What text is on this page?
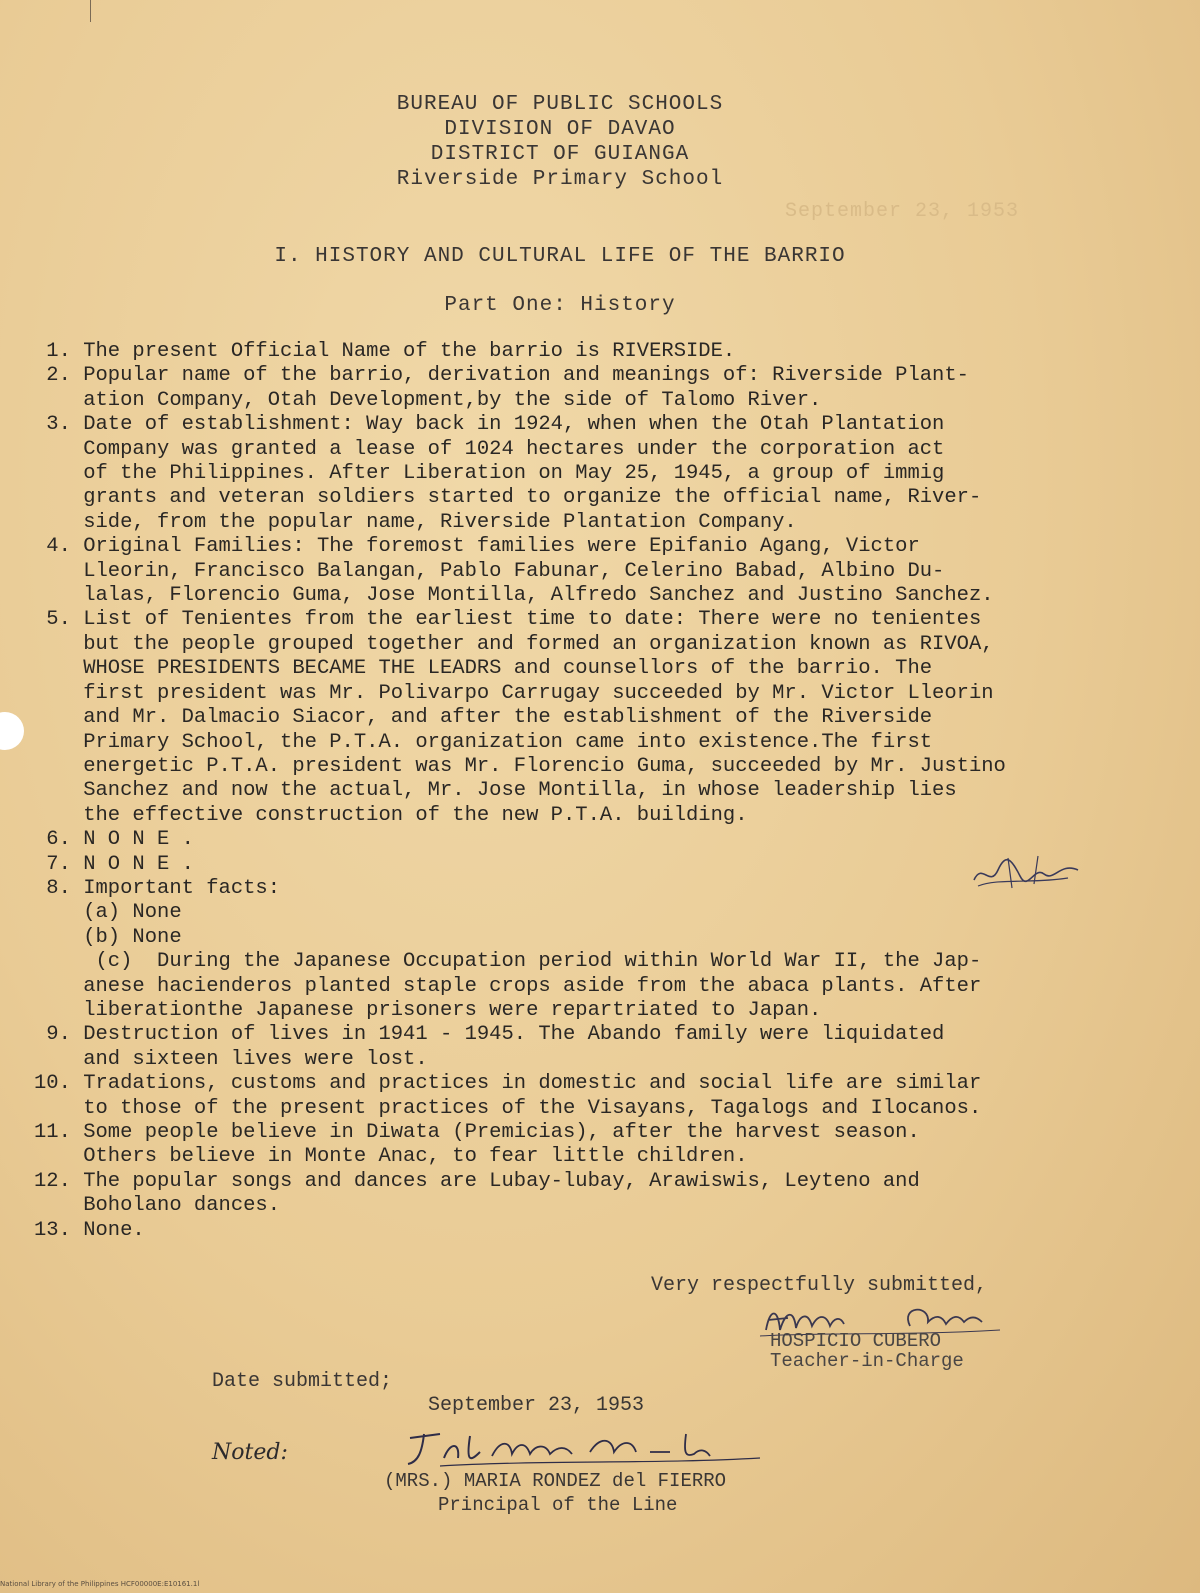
BUREAU OF PUBLIC SCHOOLS
DIVISION OF DAVAO
DISTRICT OF GUIANGA
Riverside Primary School
September 23, 1953
I. HISTORY AND CULTURAL LIFE OF THE BARRIO
Part One: History
1. The present Official Name of the barrio is RIVERSIDE.
2. Popular name of the barrio, derivation and meanings of: Riverside Plant-
ation Company, Otah Development,by the side of Talomo River.
3. Date of establishment: Way back in 1924, when when the Otah Plantation
Company was granted a lease of 1024 hectares under the corporation act
of the Philippines. After Liberation on May 25, 1945, a group of immig
grants and veteran soldiers started to organize the official name, River-
side, from the popular name, Riverside Plantation Company.
4. Original Families: The foremost families were Epifanio Agang, Victor
Lleorin, Francisco Balangan, Pablo Fabunar, Celerino Babad, Albino Du-
lalas, Florencio Guma, Jose Montilla, Alfredo Sanchez and Justino Sanchez.
5. List of Tenientes from the earliest time to date: There were no tenientes
but the people grouped together and formed an organization known as RIVOA,
WHOSE PRESIDENTS BECAME THE LEADRS and counsellors of the barrio. The
first president was Mr. Polivarpo Carrugay succeeded by Mr. Victor Lleorin
and Mr. Dalmacio Siacor, and after the establishment of the Riverside
Primary School, the P.T.A. organization came into existence.The first
energetic P.T.A. president was Mr. Florencio Guma, succeeded by Mr. Justino
Sanchez and now the actual, Mr. Jose Montilla, in whose leadership lies
the effective construction of the new P.T.A. building.
6. N O N E .
7. N O N E .
8. Important facts:
(a) None
(b) None
(c)  During the Japanese Occupation period within World War II, the Jap-
anese hacienderos planted staple crops aside from the abaca plants. After
liberationthe Japanese prisoners were repartriated to Japan.
9. Destruction of lives in 1941 - 1945. The Abando family were liquidated
and sixteen lives were lost.
10. Tradations, customs and practices in domestic and social life are similar
to those of the present practices of the Visayans, Tagalogs and Ilocanos.
11. Some people believe in Diwata (Premicias), after the harvest season.
Others believe in Monte Anac, to fear little children.
12. The popular songs and dances are Lubay-lubay, Arawiswis, Leyteno and
Boholano dances.
13. None.
Very respectfully submitted,
HOSPICIO CUBERO
Teacher-in-Charge
Date submitted;
September 23, 1953
Noted:
(MRS.) MARIA RONDEZ del FIERRO
Principal of the Line
National Library of the Philippines HCF00000E:E10161.1l
